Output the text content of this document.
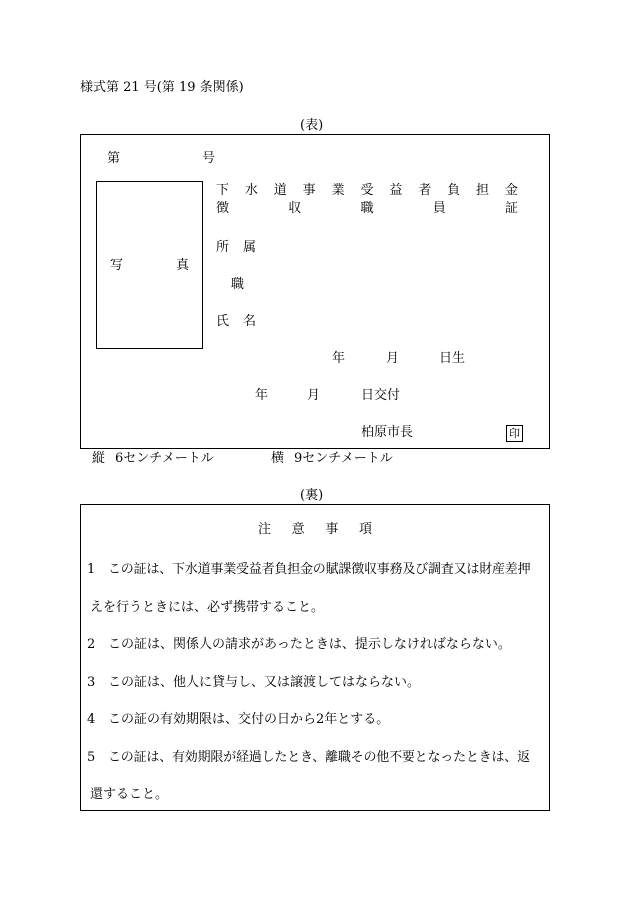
様式第 21 号(第 19 条関係)
(表)
第	号
写	真
下 水 道 事 業 受 益 者 負 担 金
徴	収	職	員	証
所 属
職
氏 名
年	月	日生
年	月	日交付
柏原市長	印
縦 6センチメートル	横 9センチメートル
(裏)
注 意 事 項
1 この証は、下水道事業受益者負担金の賦課徴収事務及び調査又は財産差押
えを行うときには、必ず携帯すること。
2 この証は、関係人の請求があったときは、提示しなければならない。
3 この証は、他人に貸与し、又は譲渡してはならない。
4 この証の有効期限は、交付の日から2年とする。
5 この証は、有効期限が経過したとき、離職その他不要となったときは、返
還すること。
